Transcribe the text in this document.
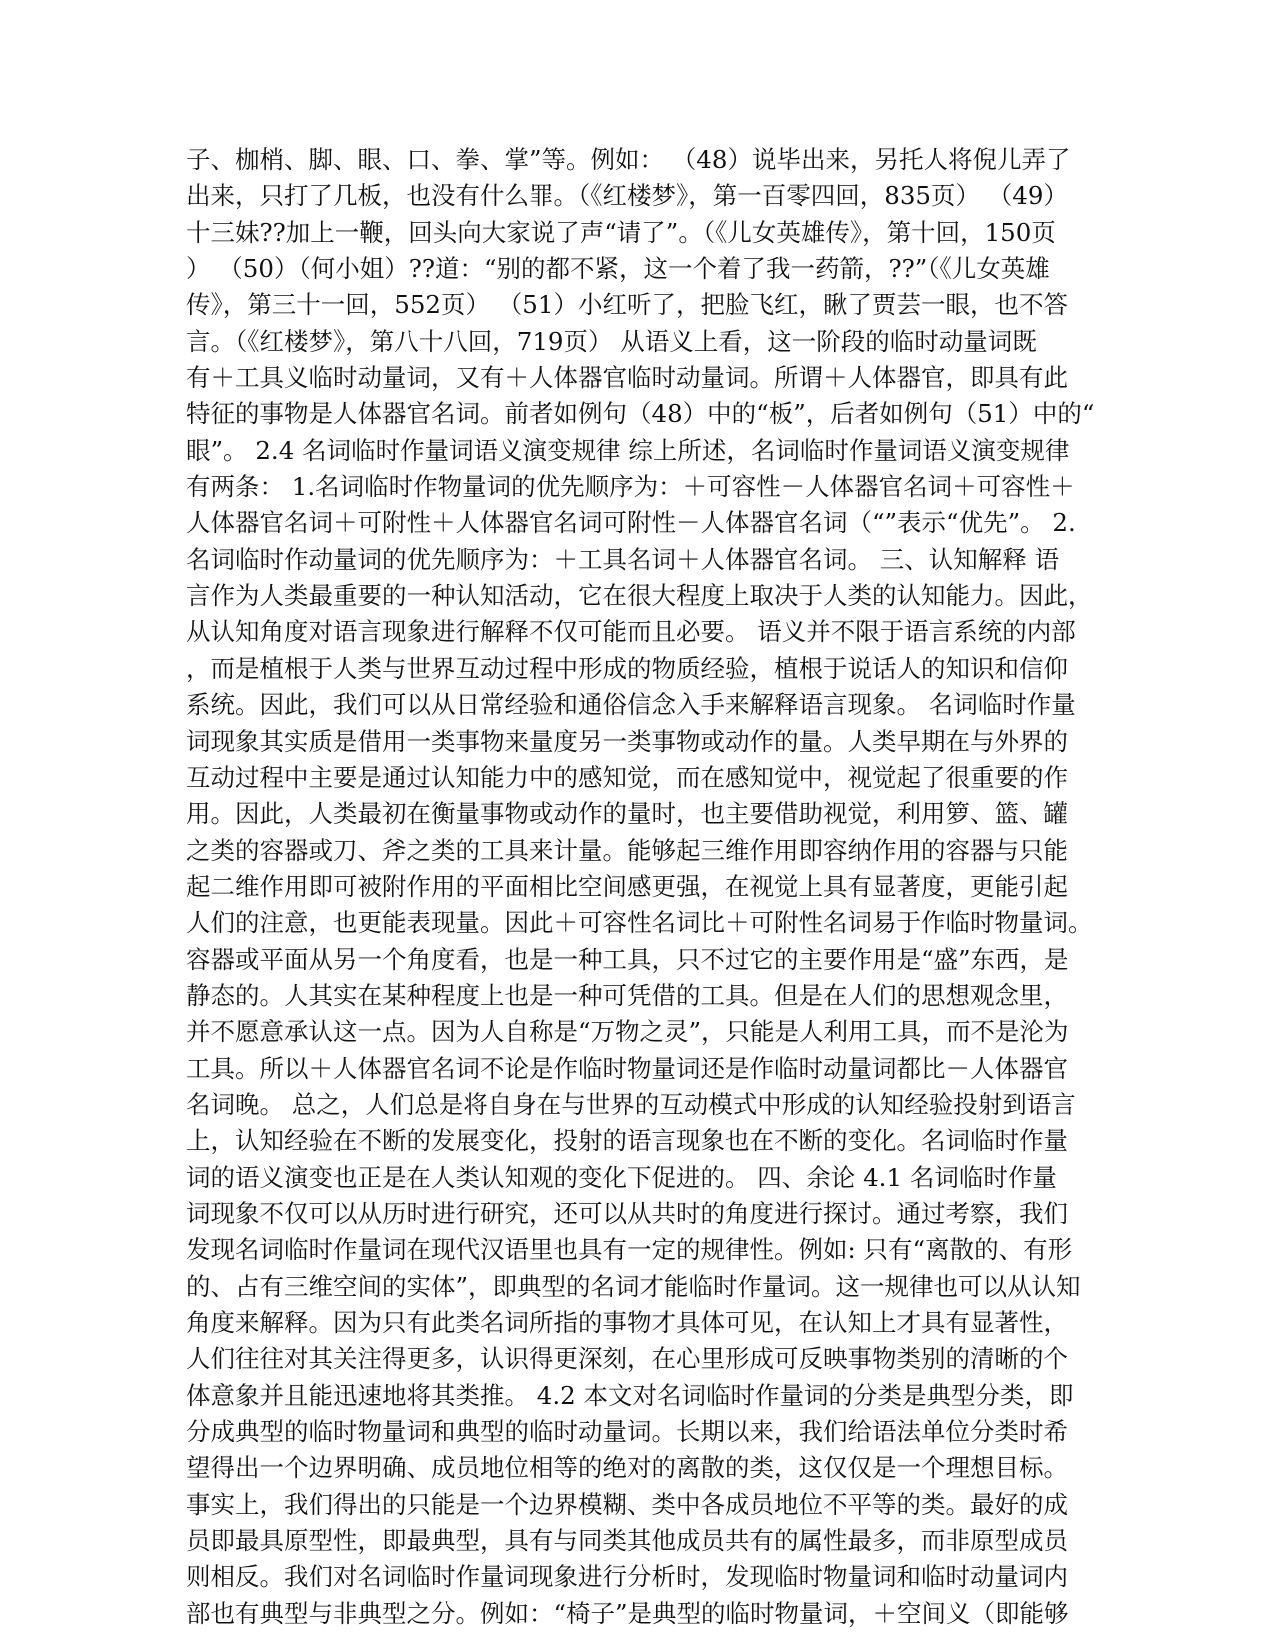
子、枷梢、脚、眼、口、拳、掌”等。例如： （48）说毕出来，另托人将倪儿弄了
出来，只打了几板，也没有什么罪。（《红楼梦》，第一百零四回，835页） （49）
十三妹??加上一鞭，回头向大家说了声“请了”。（《儿女英雄传》，第十回，150页
） （50）（何小姐）??道：“别的都不紧，这一个着了我一药箭，??”（《儿女英雄
传》，第三十一回，552页） （51）小红听了，把脸飞红，瞅了贾芸一眼，也不答
言。（《红楼梦》，第八十八回，719页） 从语义上看，这一阶段的临时动量词既
有＋工具义临时动量词，又有＋人体器官临时动量词。所谓＋人体器官，即具有此
特征的事物是人体器官名词。前者如例句（48）中的“板”，后者如例句（51）中的“
眼”。 2.4 名词临时作量词语义演变规律 综上所述，名词临时作量词语义演变规律
有两条： 1.名词临时作物量词的优先顺序为：＋可容性－人体器官名词＋可容性＋
人体器官名词＋可附性＋人体器官名词可附性－人体器官名词（“”表示“优先”。 2.
名词临时作动量词的优先顺序为：＋工具名词＋人体器官名词。 三、认知解释 语
言作为人类最重要的一种认知活动，它在很大程度上取决于人类的认知能力。因此，
从认知角度对语言现象进行解释不仅可能而且必要。 语义并不限于语言系统的内部
，而是植根于人类与世界互动过程中形成的物质经验，植根于说话人的知识和信仰
系统。因此，我们可以从日常经验和通俗信念入手来解释语言现象。 名词临时作量
词现象其实质是借用一类事物来量度另一类事物或动作的量。人类早期在与外界的
互动过程中主要是通过认知能力中的感知觉，而在感知觉中，视觉起了很重要的作
用。因此，人类最初在衡量事物或动作的量时，也主要借助视觉，利用箩、篮、罐
之类的容器或刀、斧之类的工具来计量。能够起三维作用即容纳作用的容器与只能
起二维作用即可被附作用的平面相比空间感更强，在视觉上具有显著度，更能引起
人们的注意，也更能表现量。因此＋可容性名词比＋可附性名词易于作临时物量词。
容器或平面从另一个角度看，也是一种工具，只不过它的主要作用是“盛”东西，是
静态的。人其实在某种程度上也是一种可凭借的工具。但是在人们的思想观念里，
并不愿意承认这一点。因为人自称是“万物之灵”，只能是人利用工具，而不是沦为
工具。所以＋人体器官名词不论是作临时物量词还是作临时动量词都比－人体器官
名词晚。 总之，人们总是将自身在与世界的互动模式中形成的认知经验投射到语言
上，认知经验在不断的发展变化，投射的语言现象也在不断的变化。名词临时作量
词的语义演变也正是在人类认知观的变化下促进的。 四、余论 4.1 名词临时作量
词现象不仅可以从历时进行研究，还可以从共时的角度进行探讨。通过考察，我们
发现名词临时作量词在现代汉语里也具有一定的规律性。例如: 只有“离散的、有形
的、占有三维空间的实体”，即典型的名词才能临时作量词。这一规律也可以从认知
角度来解释。因为只有此类名词所指的事物才具体可见，在认知上才具有显著性，
人们往往对其关注得更多，认识得更深刻，在心里形成可反映事物类别的清晰的个
体意象并且能迅速地将其类推。 4.2 本文对名词临时作量词的分类是典型分类，即
分成典型的临时物量词和典型的临时动量词。长期以来，我们给语法单位分类时希
望得出一个边界明确、成员地位相等的绝对的离散的类，这仅仅是一个理想目标。
事实上，我们得出的只能是一个边界模糊、类中各成员地位不平等的类。最好的成
员即最具原型性，即最典型，具有与同类其他成员共有的属性最多，而非原型成员
则相反。我们对名词临时作量词现象进行分析时，发现临时物量词和临时动量词内
部也有典型与非典型之分。例如：“椅子”是典型的临时物量词，＋空间义（即能够
